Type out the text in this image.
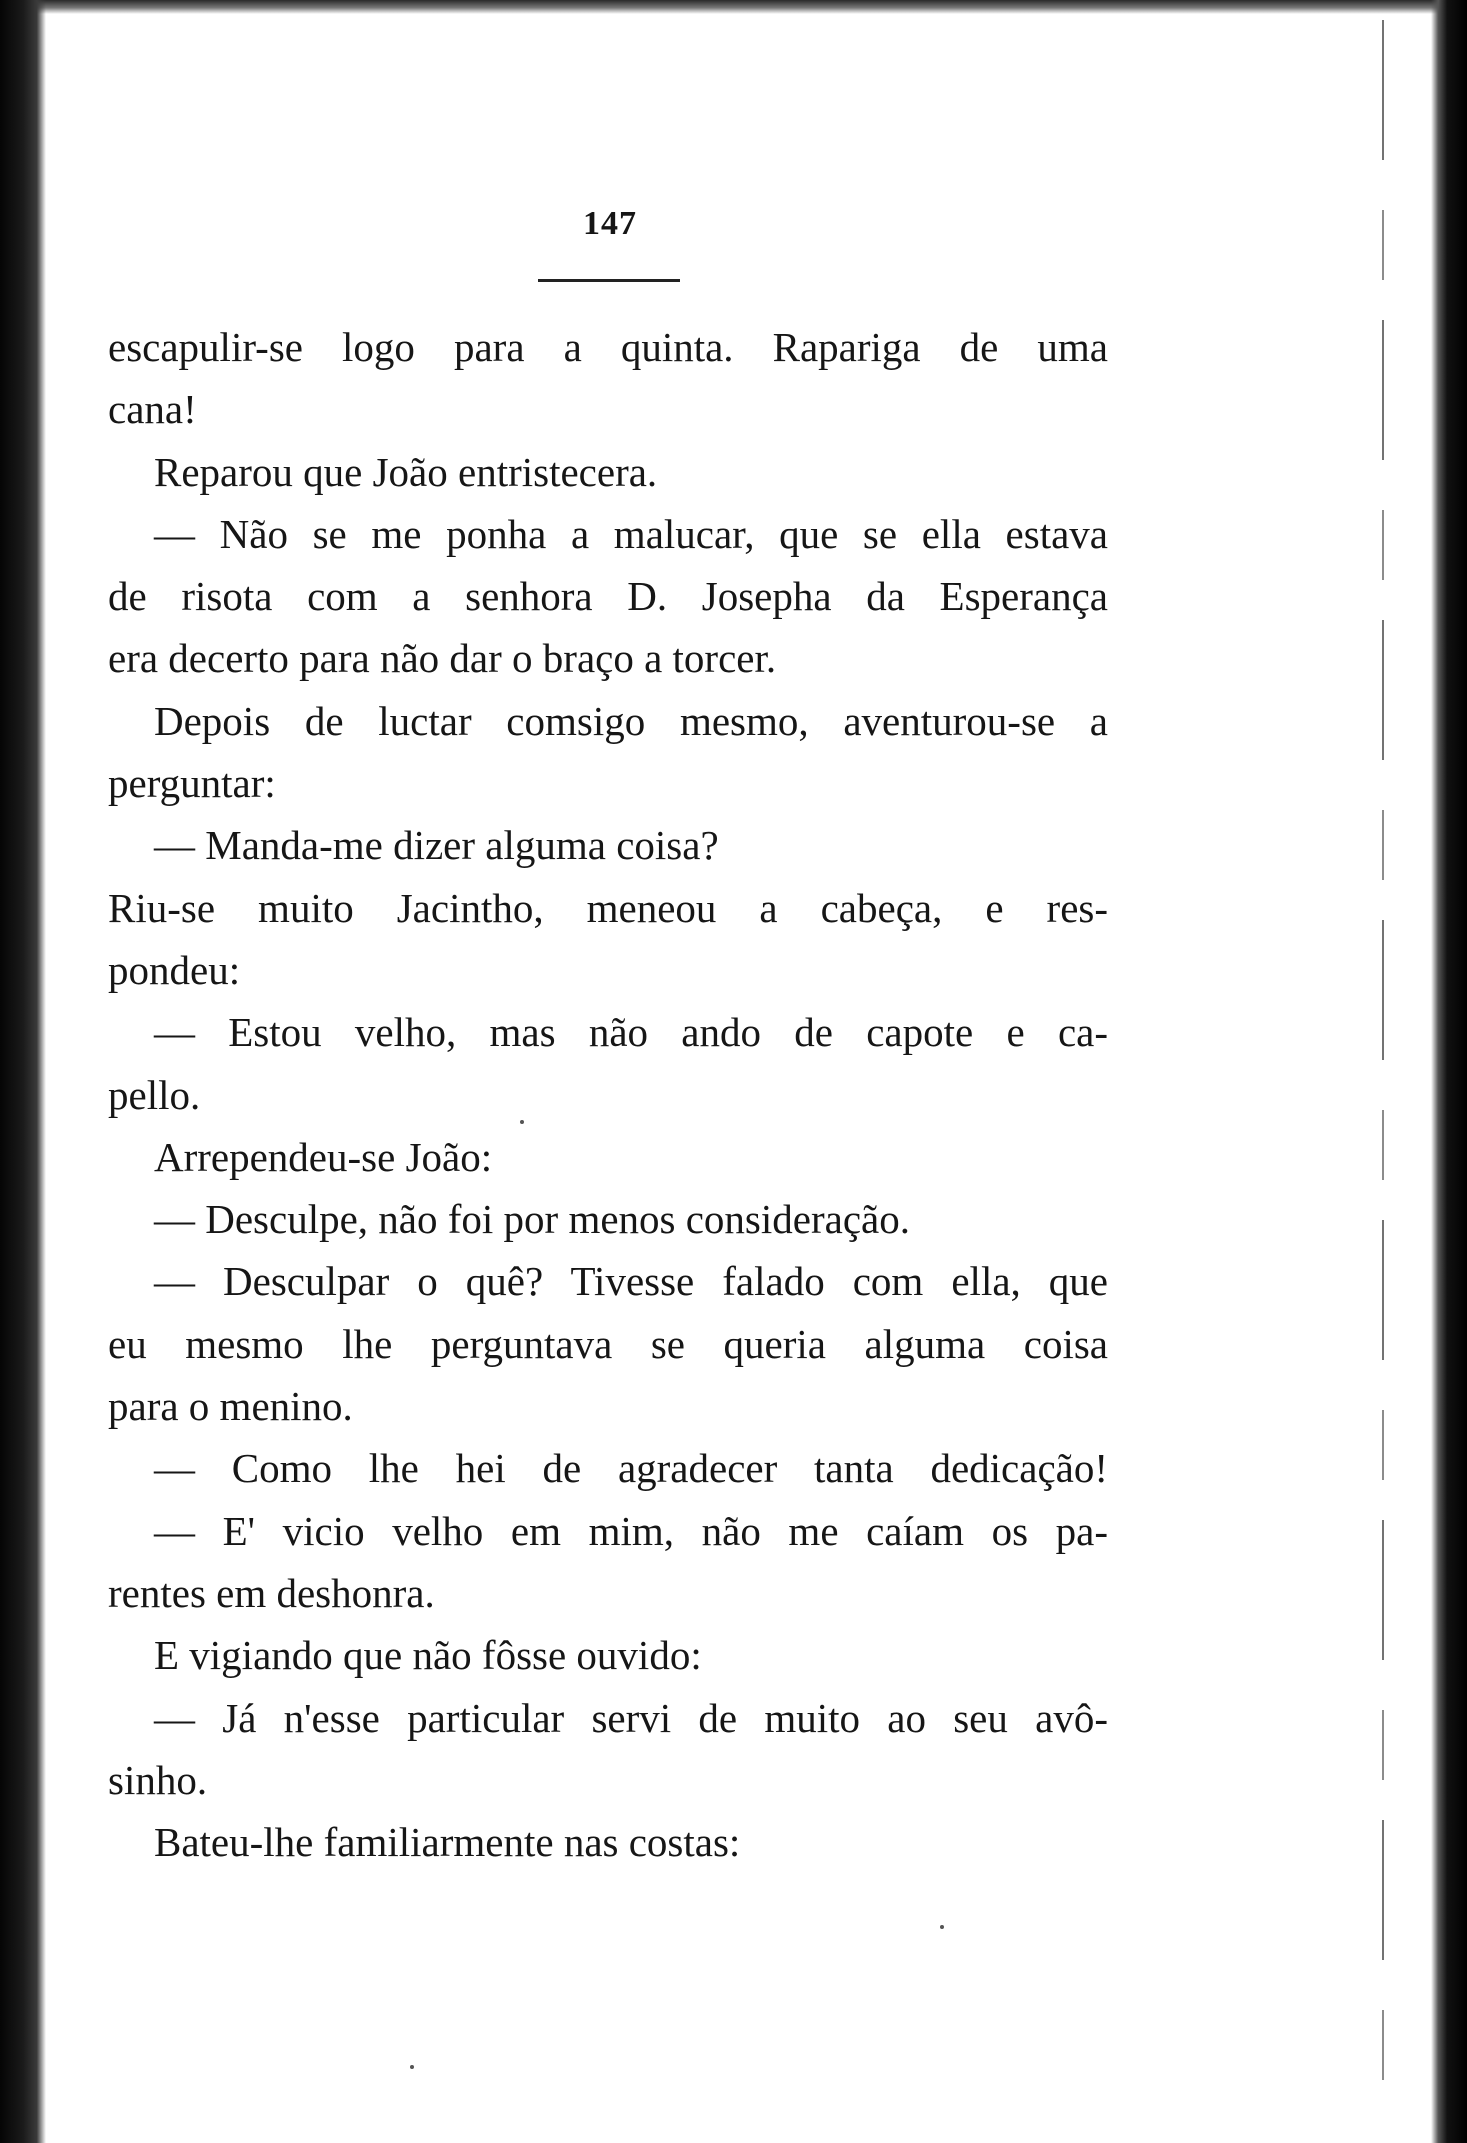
147
escapulir-se logo para a quinta. Rapariga de uma
cana!
Reparou que João entristecera.
— Não se me ponha a malucar, que se ella estava
de risota com a senhora D. Josepha da Esperança
era decerto para não dar o braço a torcer.
Depois de luctar comsigo mesmo, aventurou-se a
perguntar:
— Manda-me dizer alguma coisa?
Riu-se muito Jacintho, meneou a cabeça, e res-
pondeu:
— Estou velho, mas não ando de capote e ca-
pello.
Arrependeu-se João:
— Desculpe, não foi por menos consideração.
— Desculpar o quê? Tivesse falado com ella, que
eu mesmo lhe perguntava se queria alguma coisa
para o menino.
— Como lhe hei de agradecer tanta dedicação!
— E' vicio velho em mim, não me caíam os pa-
rentes em deshonra.
E vigiando que não fôsse ouvido:
— Já n'esse particular servi de muito ao seu avô-
sinho.
Bateu-lhe familiarmente nas costas:
